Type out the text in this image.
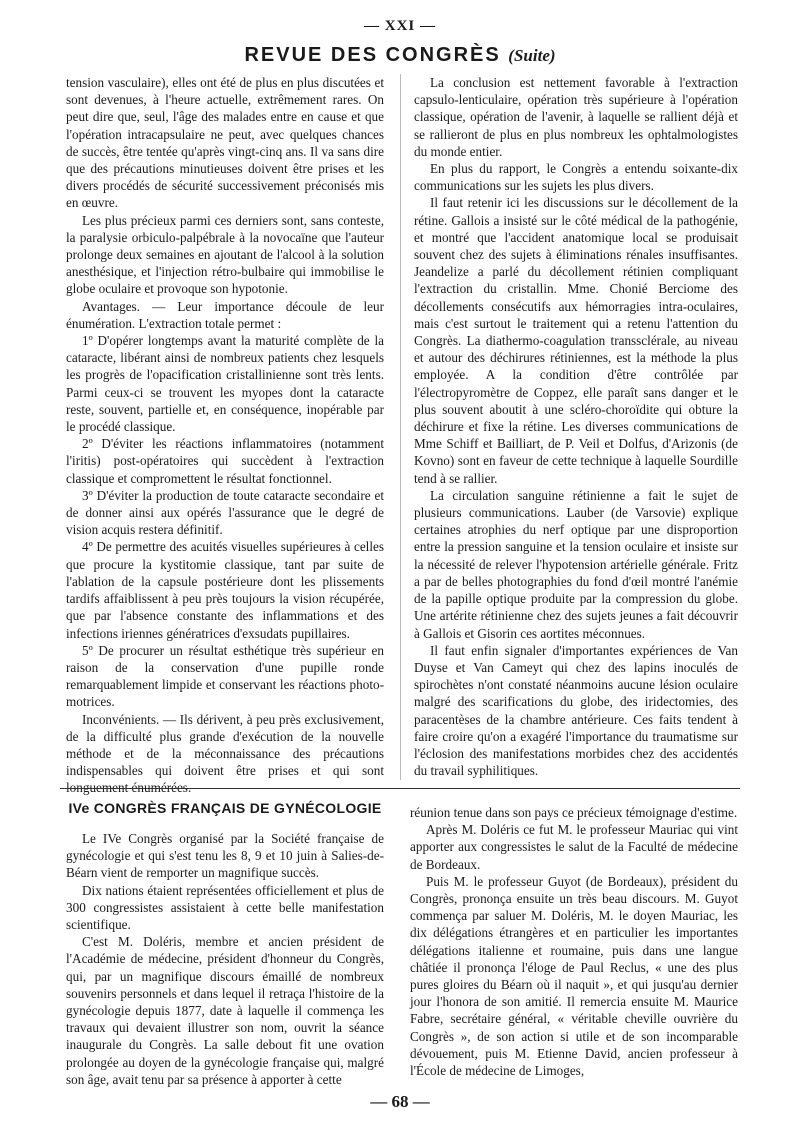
— XXI —
REVUE DES CONGRÈS (Suite)

tension vasculaire), elles ont été de plus en plus discutées et sont devenues, à l'heure actuelle, extrêmement rares. On peut dire que, seul, l'âge des malades entre en cause et que l'opération intracapsulaire ne peut, avec quelques chances de succès, être tentée qu'après vingt-cinq ans. Il va sans dire que des précautions minutieuses doivent être prises et les divers procédés de sécurité successivement préconisés mis en œuvre.

Les plus précieux parmi ces derniers sont, sans conteste, la paralysie orbiculo-palpébrale à la novocaïne que l'auteur prolonge deux semaines en ajoutant de l'alcool à la solution anesthésique, et l'injection rétro-bulbaire qui immobilise le globe oculaire et provoque son hypotonie.

Avantages. — Leur importance découle de leur énumération. L'extraction totale permet :

1º D'opérer longtemps avant la maturité complète de la cataracte, libérant ainsi de nombreux patients chez lesquels les progrès de l'opacification cristallinienne sont très lents. Parmi ceux-ci se trouvent les myopes dont la cataracte reste, souvent, partielle et, en conséquence, inopérable par le procédé classique.

2º D'éviter les réactions inflammatoires (notamment l'iritis) post-opératoires qui succèdent à l'extraction classique et compromettent le résultat fonctionnel.

3º D'éviter la production de toute cataracte secondaire et de donner ainsi aux opérés l'assurance que le degré de vision acquis restera définitif.

4º De permettre des acuités visuelles supérieures à celles que procure la kystitomie classique, tant par suite de l'ablation de la capsule postérieure dont les plissements tardifs affaiblissent à peu près toujours la vision récupérée, que par l'absence constante des inflammations et des infections iriennes génératrices d'exsudats pupillaires.

5º De procurer un résultat esthétique très supérieur en raison de la conservation d'une pupille ronde remarquablement limpide et conservant les réactions photo-motrices.

Inconvénients. — Ils dérivent, à peu près exclusivement, de la difficulté plus grande d'exécution de la nouvelle méthode et de la méconnaissance des précautions indispensables qui doivent être prises et qui sont longuement énumérées.

La conclusion est nettement favorable à l'extraction capsulo-lenticulaire, opération très supérieure à l'opération classique, opération de l'avenir, à laquelle se rallient déjà et se rallieront de plus en plus nombreux les ophtalmologistes du monde entier.

En plus du rapport, le Congrès a entendu soixante-dix communications sur les sujets les plus divers.

Il faut retenir ici les discussions sur le décollement de la rétine. Gallois a insisté sur le côté médical de la pathogénie, et montré que l'accident anatomique local se produisait souvent chez des sujets à éliminations rénales insuffisantes. Jeandelize a parlé du décollement rétinien compliquant l'extraction du cristallin. Mme. Chonié Berciome des décollements consécutifs aux hémorragies intra-oculaires, mais c'est surtout le traitement qui a retenu l'attention du Congrès. La diathermo-coagulation transsclérale, au niveau et autour des déchirures rétiniennes, est la méthode la plus employée. A la condition d'être contrôlée par l'électropyromètre de Coppez, elle paraît sans danger et le plus souvent aboutit à une scléro-choroïdite qui obture la déchirure et fixe la rétine. Les diverses communications de Mme Schiff et Bailliart, de P. Veil et Dolfus, d'Arizonis (de Kovno) sont en faveur de cette technique à laquelle Sourdille tend à se rallier.

La circulation sanguine rétinienne a fait le sujet de plusieurs communications. Lauber (de Varsovie) explique certaines atrophies du nerf optique par une disproportion entre la pression sanguine et la tension oculaire et insiste sur la nécessité de relever l'hypotension artérielle générale. Fritz a par de belles photographies du fond d'œil montré l'anémie de la papille optique produite par la compression du globe. Une artérite rétinienne chez des sujets jeunes a fait découvrir à Gallois et Gisorin ces aortites méconnues.

Il faut enfin signaler d'importantes expériences de Van Duyse et Van Cameyt qui chez des lapins inoculés de spirochètes n'ont constaté néanmoins aucune lésion oculaire malgré des scarifications du globe, des iridectomies, des paracentèses de la chambre antérieure. Ces faits tendent à faire croire qu'on a exagéré l'importance du traumatisme sur l'éclosion des manifestations morbides chez des accidentés du travail syphilitiques.

IVe CONGRÈS FRANÇAIS DE GYNÉCOLOGIE

Le IVe Congrès organisé par la Société française de gynécologie et qui s'est tenu les 8, 9 et 10 juin à Salies-de-Béarn vient de remporter un magnifique succès.

Dix nations étaient représentées officiellement et plus de 300 congressistes assistaient à cette belle manifestation scientifique.

C'est M. Doléris, membre et ancien président de l'Académie de médecine, président d'honneur du Congrès, qui, par un magnifique discours émaillé de nombreux souvenirs personnels et dans lequel il retraça l'histoire de la gynécologie depuis 1877, date à laquelle il commença les travaux qui devaient illustrer son nom, ouvrit la séance inaugurale du Congrès. La salle debout fit une ovation prolongée au doyen de la gynécologie française qui, malgré son âge, avait tenu par sa présence à apporter à cette

réunion tenue dans son pays ce précieux témoignage d'estime.

Après M. Doléris ce fut M. le professeur Mauriac qui vint apporter aux congressistes le salut de la Faculté de médecine de Bordeaux.

Puis M. le professeur Guyot (de Bordeaux), président du Congrès, prononça ensuite un très beau discours. M. Guyot commença par saluer M. Doléris, M. le doyen Mauriac, les dix délégations étrangères et en particulier les importantes délégations italienne et roumaine, puis dans une langue châtiée il prononça l'éloge de Paul Reclus, « une des plus pures gloires du Béarn où il naquit », et qui jusqu'au dernier jour l'honora de son amitié. Il remercia ensuite M. Maurice Fabre, secrétaire général, « véritable cheville ouvrière du Congrès », de son action si utile et de son incomparable dévouement, puis M. Etienne David, ancien professeur à l'École de médecine de Limoges,

— 68 —
